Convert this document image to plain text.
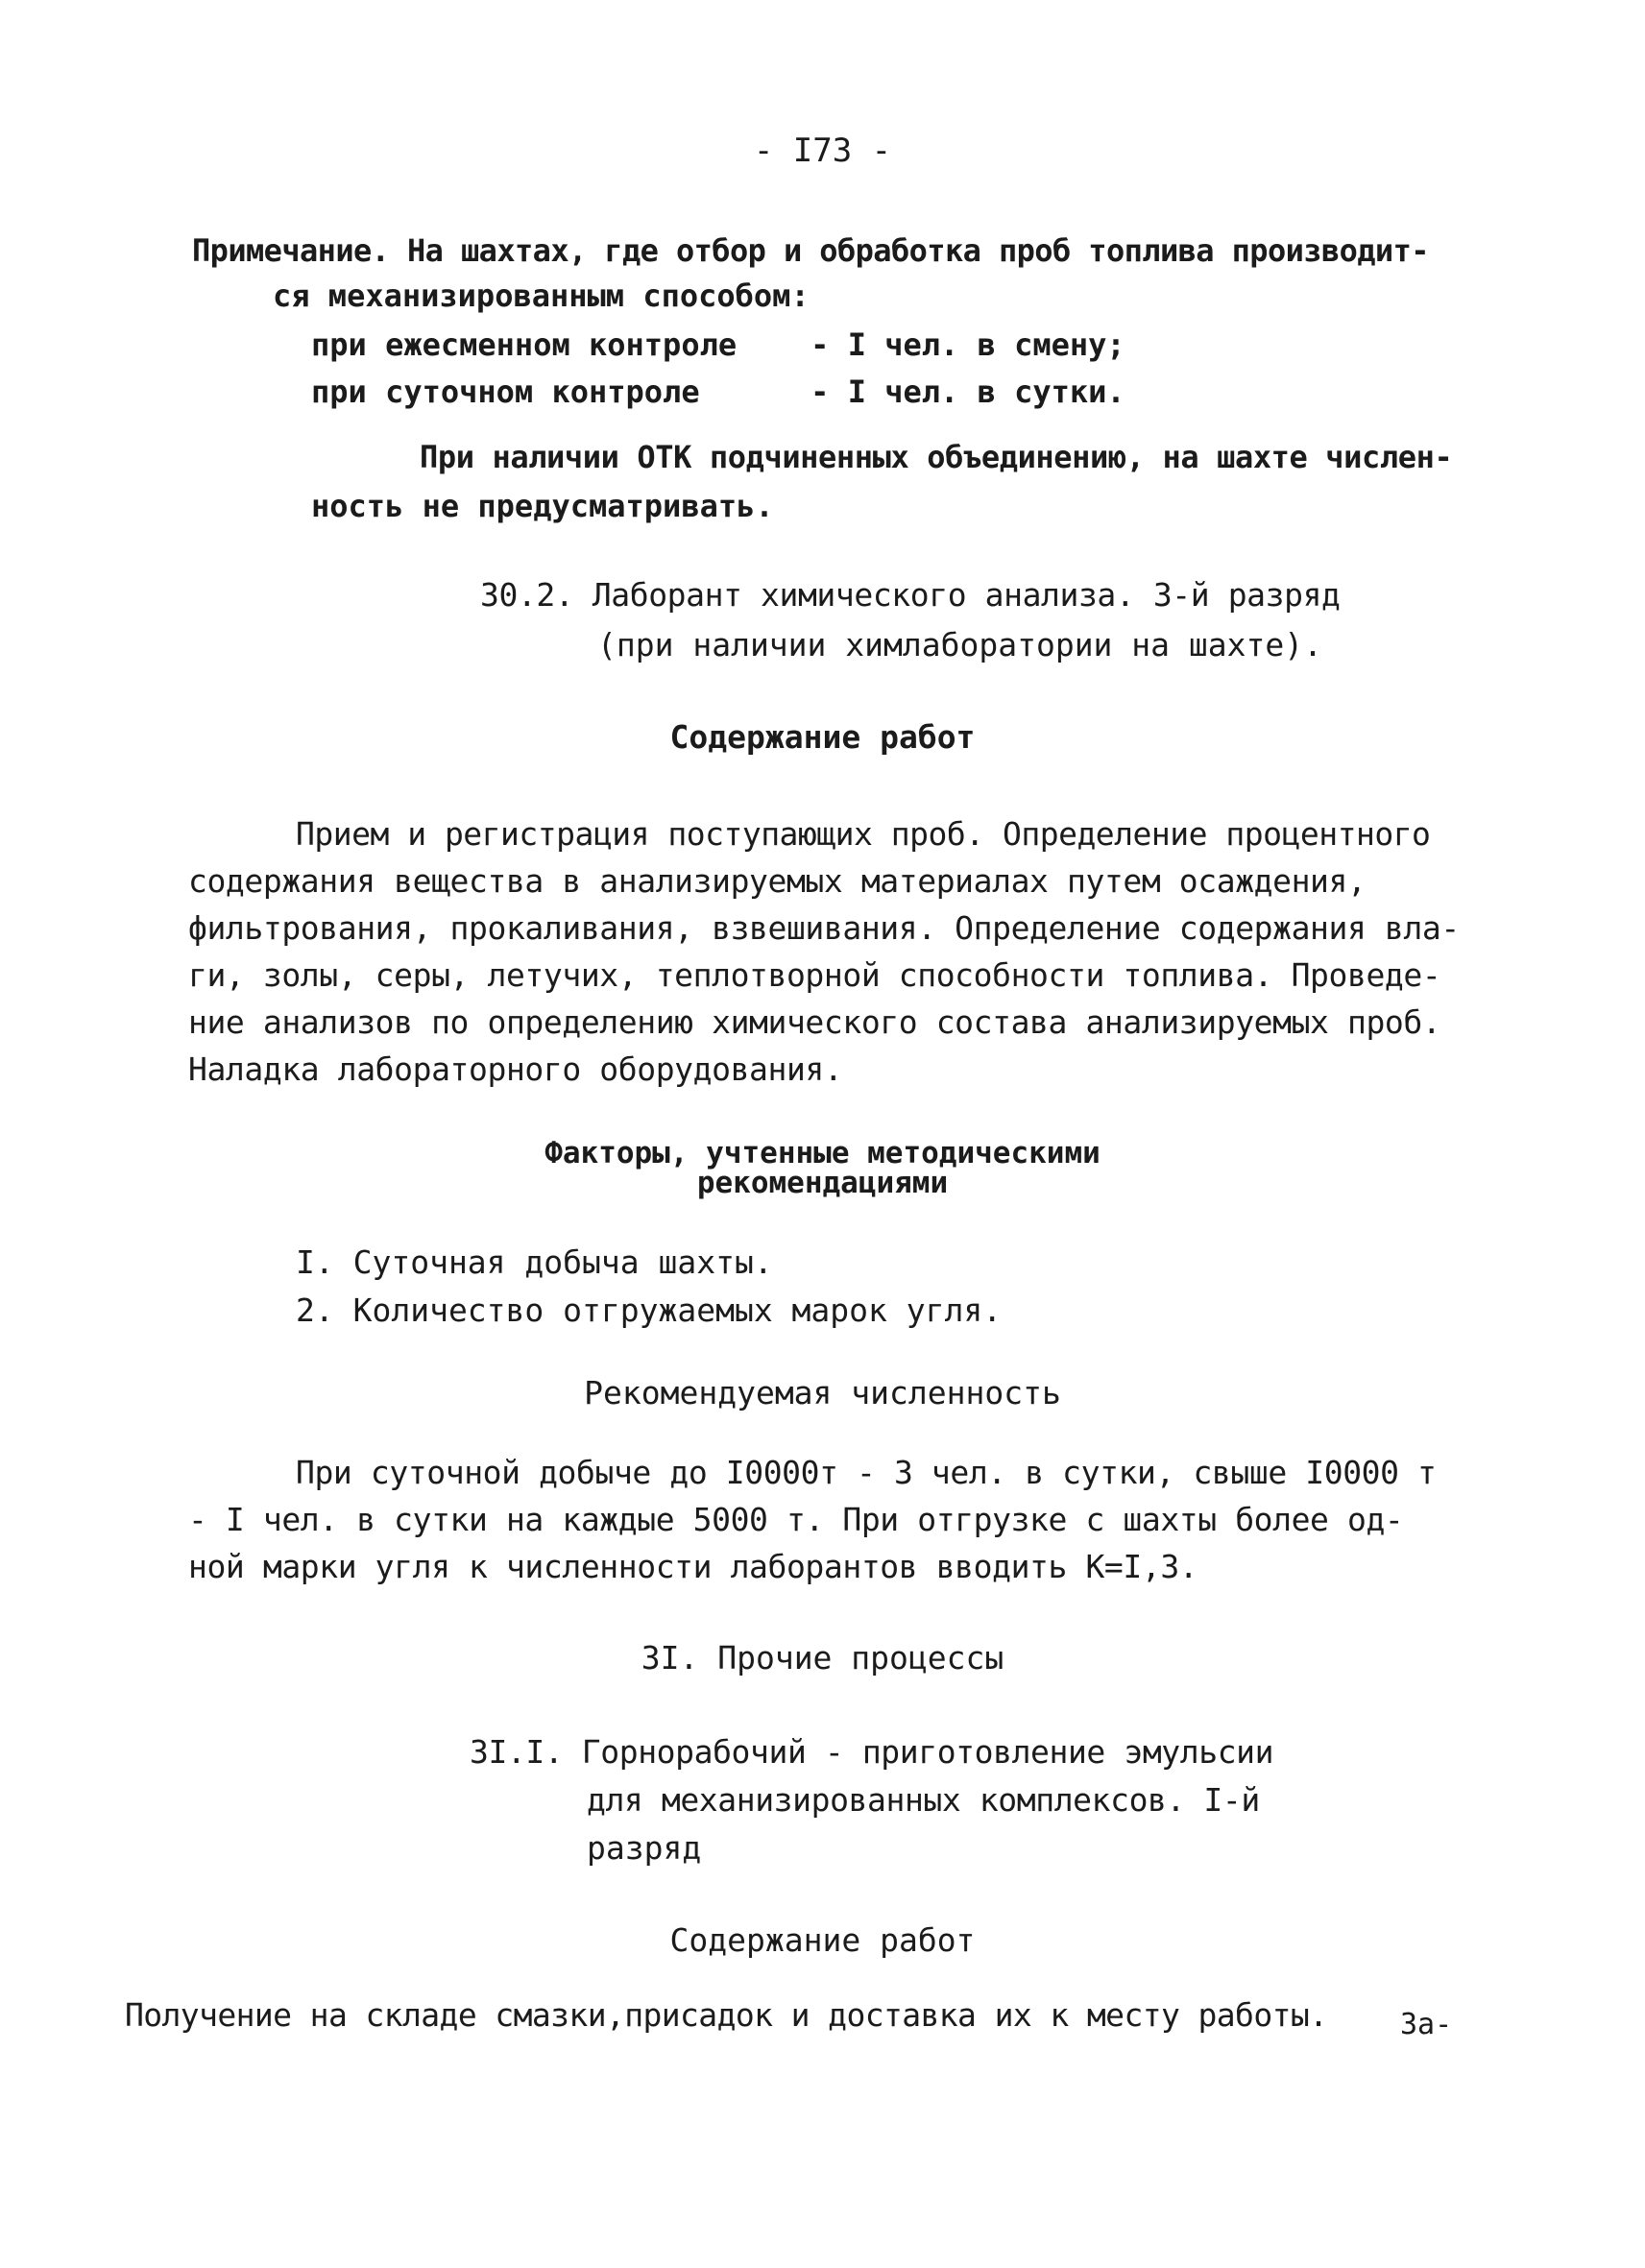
- I73 -
Примечание. На шахтах, где отбор и обработка проб топлива производит-
ся механизированным способом:
при ежесменном контроле    - I чел. в смену;
при суточном контроле      - I чел. в сутки.
При наличии ОТК подчиненных объединению, на шахте числен-
ность не предусматривать.
30.2. Лаборант химического анализа. 3-й разряд
(при наличии химлаборатории на шахте).
Содержание работ
Прием и регистрация поступающих проб. Определение процентного
содержания вещества в анализируемых материалах путем осаждения,
фильтрования, прокаливания, взвешивания. Определение содержания вла-
ги, золы, серы, летучих, теплотворной способности топлива. Проведе-
ние анализов по определению химического состава анализируемых проб.
Наладка лабораторного оборудования.
Факторы, учтенные методическими
рекомендациями
I. Суточная добыча шахты.
2. Количество отгружаемых марок угля.
Рекомендуемая численность
При суточной добыче до I0000т - 3 чел. в сутки, свыше I0000 т
- I чел. в сутки на каждые 5000 т. При отгрузке с шахты более од-
ной марки угля к численности лаборантов вводить К=I,3.
3I. Прочие процессы
3I.I. Горнорабочий - приготовление эмульсии
для механизированных комплексов. I-й
разряд
Содержание работ
Получение на складе смазки,присадок и доставка их к месту работы.	За-
